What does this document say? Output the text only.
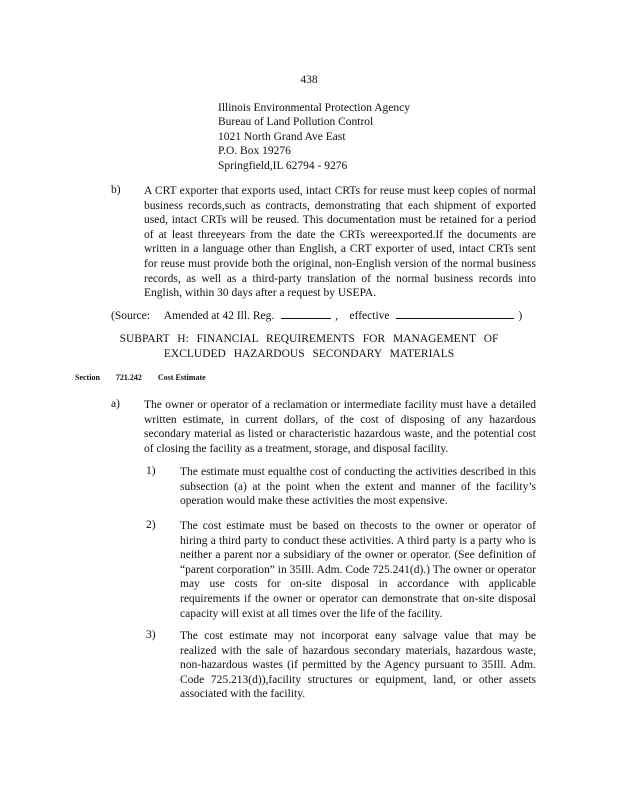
438
Illinois Environmental Protection Agency
Bureau of Land Pollution Control
1021 North Grand Ave East
P.O. Box 19276
Springfield,IL 62794 - 9276
b) A CRT exporter that exports used, intact CRTs for reuse must keep copies of normal business records,such as contracts, demonstrating that each shipment of exported used, intact CRTs will be reused. This documentation must be retained for a period of at least threeyears from the date the CRTs wereexported.If the documents are written in a language other than English, a CRT exporter of used, intact CRTs sent for reuse must provide both the original, non-English version of the normal business records, as well as a third-party translation of the normal business records into English, within 30 days after a request by USEPA.
(Source: Amended at 42 Ill. Reg.	,    effective	)
SUBPART H: FINANCIAL REQUIREMENTS FOR MANAGEMENT OF
EXCLUDED HAZARDOUS SECONDARY MATERIALS
Section 721.242 Cost Estimate
a) The owner or operator of a reclamation or intermediate facility must have a detailed written estimate, in current dollars, of the cost of disposing of any hazardous secondary material as listed or characteristic hazardous waste, and the potential cost of closing the facility as a treatment, storage, and disposal facility.
1) The estimate must equalthe cost of conducting the activities described in this subsection (a) at the point when the extent and manner of the facility’s operation would make these activities the most expensive.
2) The cost estimate must be based on thecosts to the owner or operator of hiring a third party to conduct these activities. A third party is a party who is neither a parent nor a subsidiary of the owner or operator. (See definition of “parent corporation” in 35Ill. Adm. Code 725.241(d).) The owner or operator may use costs for on-site disposal in accordance with applicable requirements if the owner or operator can demonstrate that on-site disposal capacity will exist at all times over the life of the facility.
3) The cost estimate may not incorporat eany salvage value that may be realized with the sale of hazardous secondary materials, hazardous waste, non-hazardous wastes (if permitted by the Agency pursuant to 35Ill. Adm. Code 725.213(d)),facility structures or equipment, land, or other assets associated with the facility.
